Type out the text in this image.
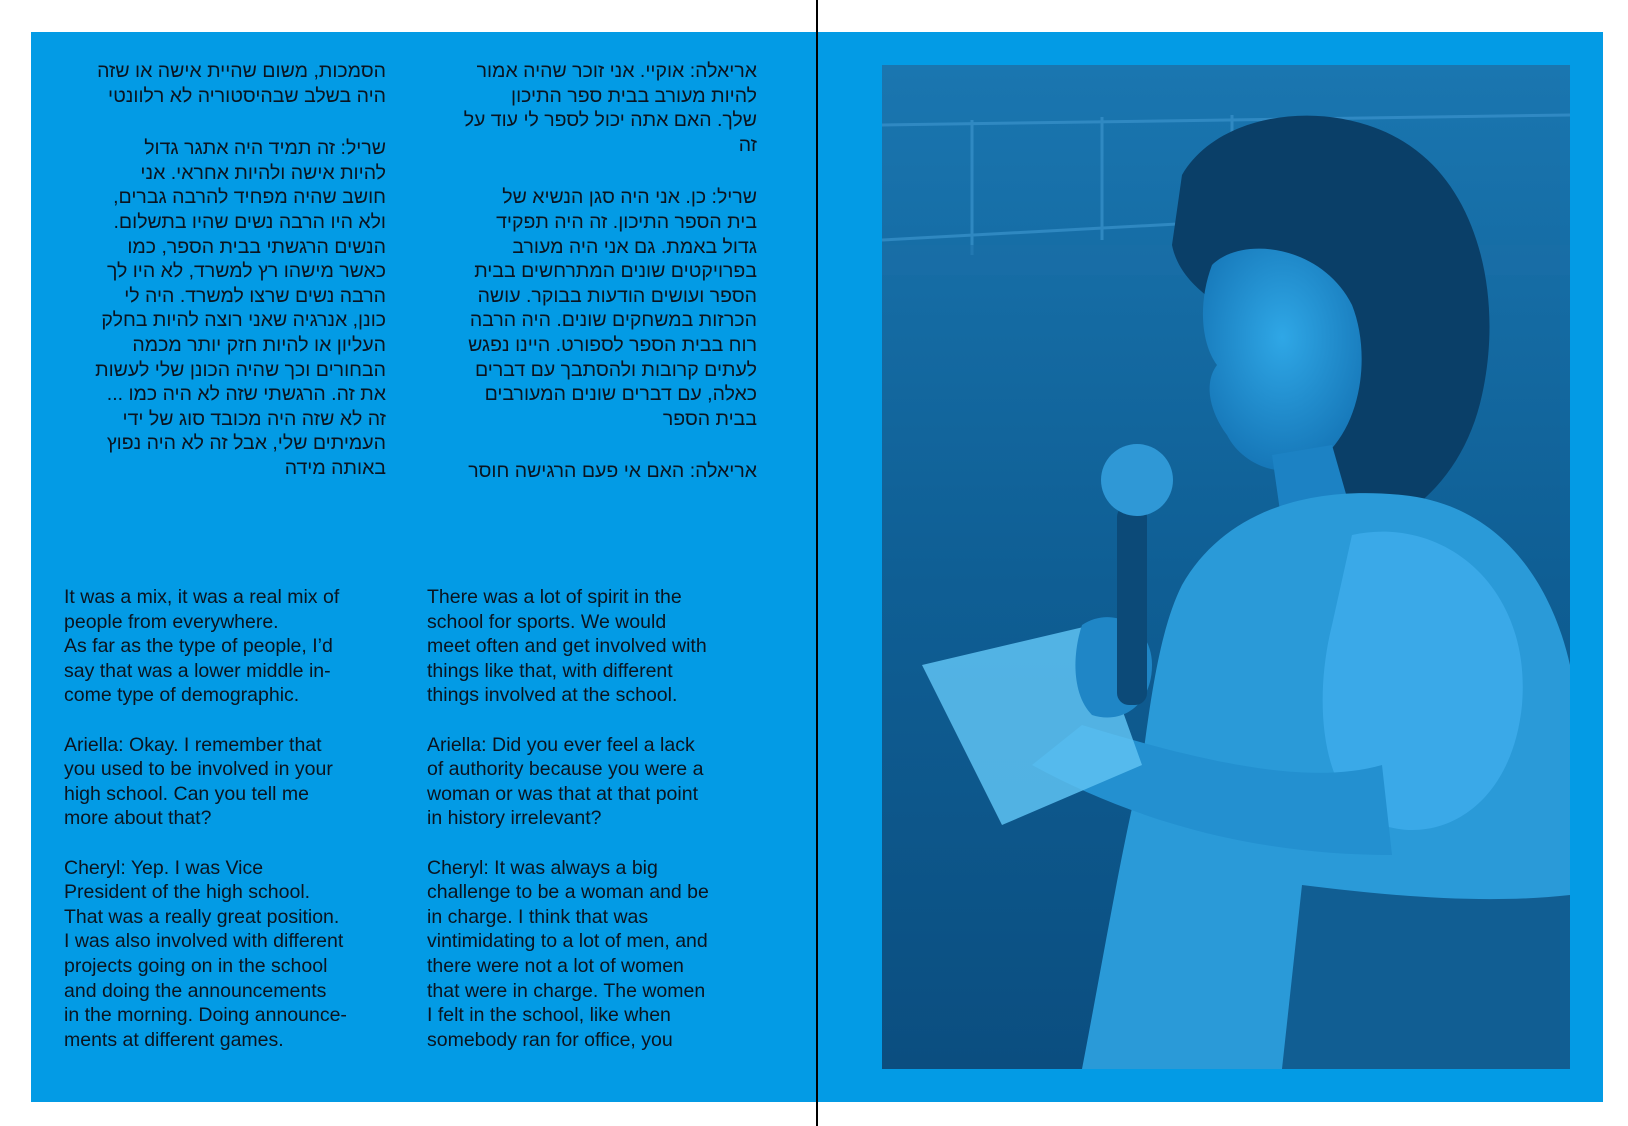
אריאלה: אוקיי. אני זוכר שהיה אמור
להיות מעורב בבית ספר התיכון
שלך. האם אתה יכול לספר לי עוד על
זה

שריל: כן. אני היה סגן הנשיא של
בית הספר התיכון. זה היה תפקיד
גדול באמת. גם אני היה מעורב
בפרויקטים שונים המתרחשים בבית
הספר ועושים הודעות בבוקר. עושה
הכרזות במשחקים שונים. היה הרבה
רוח בבית הספר לספורט. היינו נפגש
לעתים קרובות ולהסתבך עם דברים
כאלה, עם דברים שונים המעורבים
בבית הספר

אריאלה: האם אי פעם הרגישה חוסר

הסמכות, משום שהיית אישה או שזה
היה בשלב שבהיסטוריה לא רלוונטי

שריל: זה תמיד היה אתגר גדול
להיות אישה ולהיות אחראי. אני
חושב שהיה מפחיד להרבה גברים,
ולא היו הרבה נשים שהיו בתשלום.
הנשים הרגשתי בבית הספר, כמו
כאשר מישהו רץ למשרד, לא היו לך
הרבה נשים שרצו למשרד. היה לי
כונן, אנרגיה שאני רוצה להיות בחלק
העליון או להיות חזק יותר מכמה
הבחורים וכך שהיה הכונן שלי לעשות
את זה. הרגשתי שזה לא היה כמו ...
זה לא שזה היה מכובד סוג של ידי
העמיתים שלי, אבל זה לא היה נפוץ
באותה מידה

It was a mix, it was a real mix of
people from everywhere.
As far as the type of people, I’d
say that was a lower middle in-
come type of demographic.

Ariella: Okay. I remember that
you used to be involved in your
high school. Can you tell me
more about that?

Cheryl: Yep. I was Vice
President of the high school.
That was a really great position.
I was also involved with different
projects going on in the school
and doing the announcements
in the morning. Doing announce-
ments at different games.

There was a lot of spirit in the
school for sports. We would
meet often and get involved with
things like that, with different
things involved at the school.

Ariella: Did you ever feel a lack
of authority because you were a
woman or was that at that point
in history irrelevant?

Cheryl: It was always a big
challenge to be a woman and be
in charge. I think that was
vintimidating to a lot of men, and
there were not a lot of women
that were in charge. The women
I felt in the school, like when
somebody ran for office, you
